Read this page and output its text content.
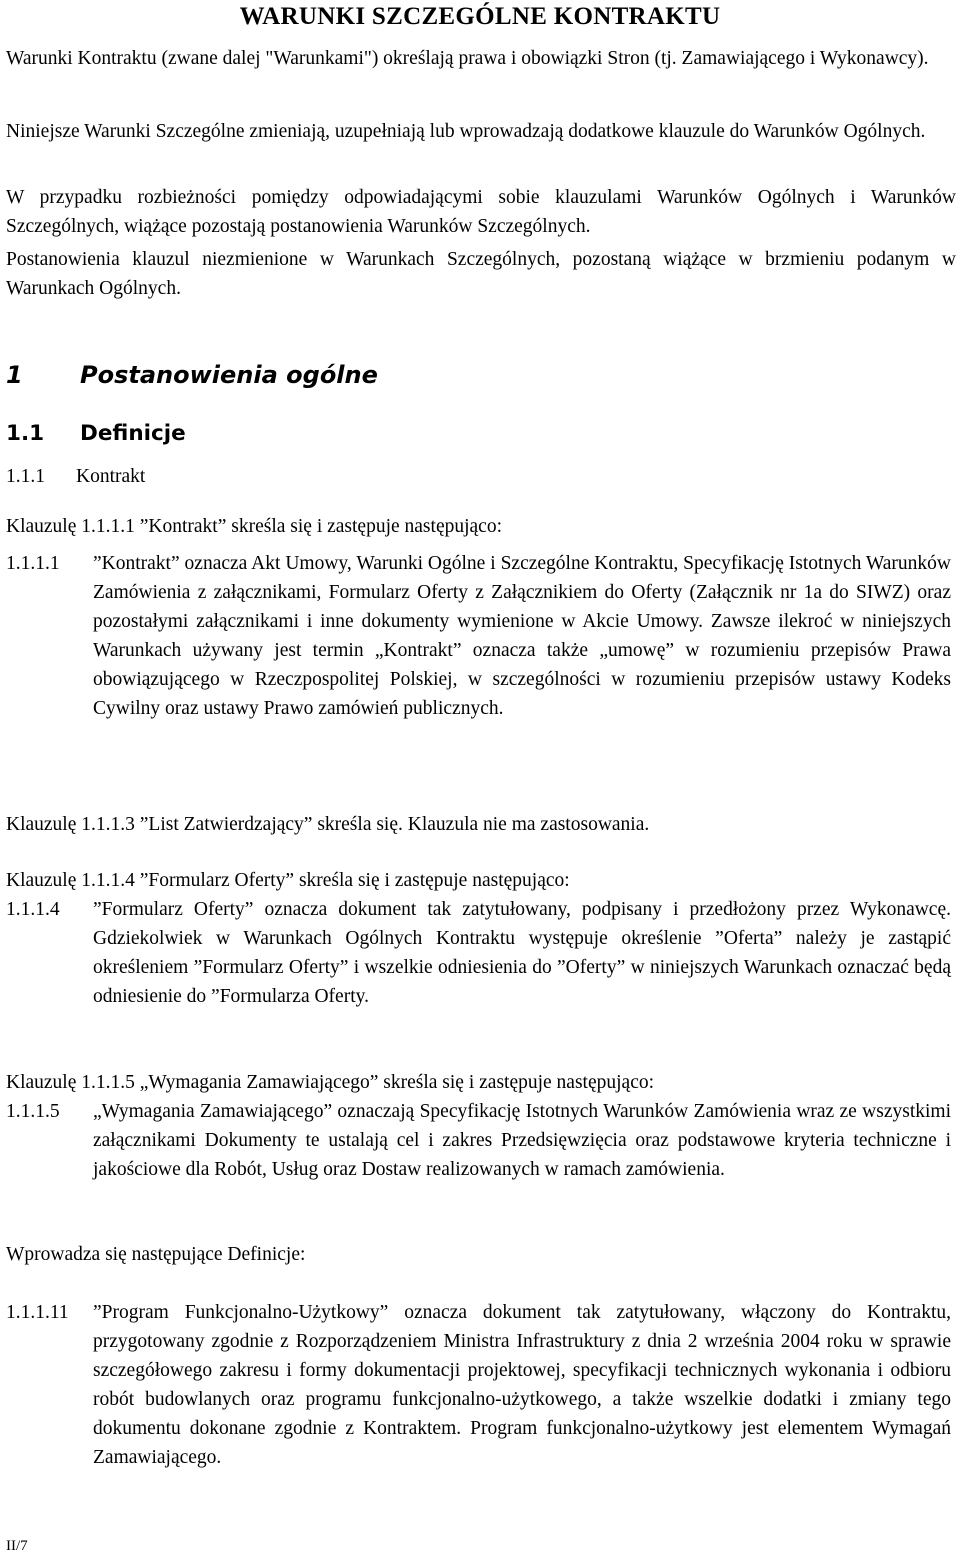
WARUNKI SZCZEGÓLNE KONTRAKTU

Warunki Kontraktu (zwane dalej "Warunkami") określają prawa i obowiązki Stron (tj. Zamawiającego i Wykonawcy).

Niniejsze Warunki Szczególne zmieniają, uzupełniają lub wprowadzają dodatkowe klauzule do Warunków Ogólnych.

W przypadku rozbieżności pomiędzy odpowiadającymi sobie klauzulami Warunków Ogólnych i Warunków Szczególnych, wiążące pozostają postanowienia Warunków Szczególnych.

Postanowienia klauzul niezmienione w Warunkach Szczególnych, pozostaną wiążące w brzmieniu podanym w Warunkach Ogólnych.

1 Postanowienia ogólne
1.1 Definicje
1.1.1 Kontrakt

Klauzulę 1.1.1.1 ”Kontrakt” skreśla się i zastępuje następująco:

1.1.1.1 ”Kontrakt” oznacza Akt Umowy, Warunki Ogólne i Szczególne Kontraktu, Specyfikację Istotnych Warunków Zamówienia z załącznikami, Formularz Oferty z Załącznikiem do Oferty (Załącznik nr 1a do SIWZ) oraz pozostałymi załącznikami i inne dokumenty wymienione w Akcie Umowy. Zawsze ilekroć w niniejszych Warunkach używany jest termin „Kontrakt” oznacza także „umowę” w rozumieniu przepisów Prawa obowiązującego w Rzeczpospolitej Polskiej, w szczególności w rozumieniu przepisów ustawy Kodeks Cywilny oraz ustawy Prawo zamówień publicznych.

Klauzulę 1.1.1.3 ”List Zatwierdzający” skreśla się. Klauzula nie ma zastosowania.

Klauzulę 1.1.1.4 ”Formularz Oferty” skreśla się i zastępuje następująco:

1.1.1.4 ”Formularz Oferty” oznacza dokument tak zatytułowany, podpisany i przedłożony przez Wykonawcę. Gdziekolwiek w Warunkach Ogólnych Kontraktu występuje określenie ”Oferta” należy je zastąpić określeniem ”Formularz Oferty” i wszelkie odniesienia do ”Oferty” w niniejszych Warunkach oznaczać będą odniesienie do ”Formularza Oferty.

Klauzulę 1.1.1.5 „Wymagania Zamawiającego” skreśla się i zastępuje następująco:

1.1.1.5 „Wymagania Zamawiającego” oznaczają Specyfikację Istotnych Warunków Zamówienia wraz ze wszystkimi załącznikami Dokumenty te ustalają cel i zakres Przedsięwzięcia oraz podstawowe kryteria techniczne i jakościowe dla Robót, Usług oraz Dostaw realizowanych w ramach zamówienia.

Wprowadza się następujące Definicje:

1.1.1.11 ”Program Funkcjonalno-Użytkowy” oznacza dokument tak zatytułowany, włączony do Kontraktu, przygotowany zgodnie z Rozporządzeniem Ministra Infrastruktury z dnia 2 września 2004 roku w sprawie szczegółowego zakresu i formy dokumentacji projektowej, specyfikacji technicznych wykonania i odbioru robót budowlanych oraz programu funkcjonalno-użytkowego, a także wszelkie dodatki i zmiany tego dokumentu dokonane zgodnie z Kontraktem. Program funkcjonalno-użytkowy jest elementem Wymagań Zamawiającego.
II/7
